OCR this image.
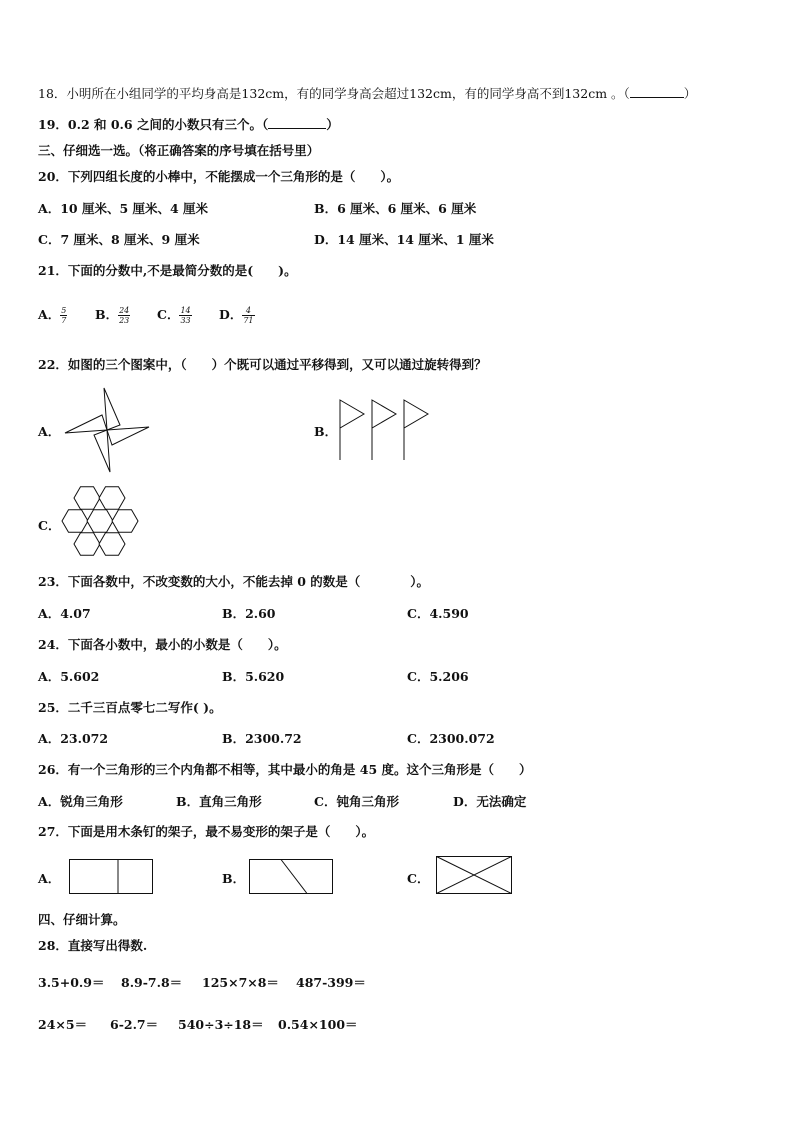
18．小明所在小组同学的平均身高是132cm，有的同学身高会超过132cm，有的同学身高不到132cm 。（	）
19．0.2 和 0.6 之间的小数只有三个。（	）
三、仔细选一选。（将正确答案的序号填在括号里）
20．下列四组长度的小棒中，不能摆成一个三角形的是（　　）。
A．10 厘米、5 厘米、4 厘米	B．6 厘米、6 厘米、6 厘米
C．7 厘米、8 厘米、9 厘米	D．14 厘米、14 厘米、1 厘米
21．下面的分数中,不是最简分数的是(　　)。
A． $\frac{5}{7}$ B． $\frac{24}{23}$ C． $\frac{14}{33}$ D． $\frac{4}{71}$
22．如图的三个图案中，（　　）个既可以通过平移得到，又可以通过旋转得到？
A．	B．
C．
23．下面各数中，不改变数的大小，不能去掉 0 的数是（　　　　）。
A．4.07	B．2.60	C．4.590
24．下面各小数中，最小的小数是（　　）。
A．5.602	B．5.620	C．5.206
25．二千三百点零七二写作( )。
A．23.072	B．2300.72	C．2300.072
26．有一个三角形的三个内角都不相等，其中最小的角是 45 度。这个三角形是（　　）
A．锐角三角形	B．直角三角形	C．钝角三角形	D．无法确定
27．下面是用木条钉的架子，最不易变形的架子是（　　）。
A．	B．	C．
四、仔细计算。
28．直接写出得数.
3.5+0.9＝ 8.9-7.8＝ 125×7×8＝ 487-399＝
24×5＝ 6-2.7＝ 540÷3÷18＝ 0.54×100＝
